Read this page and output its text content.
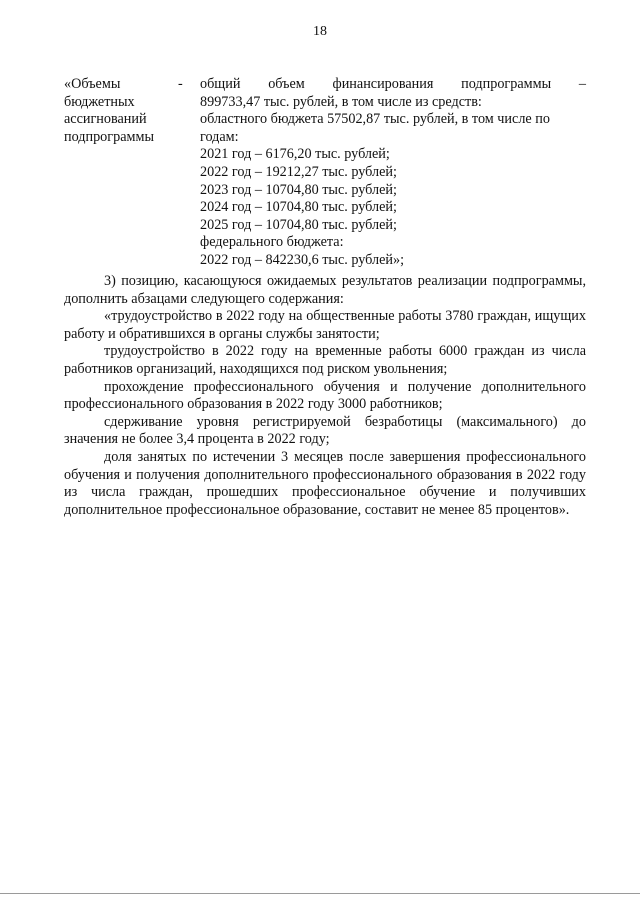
18
«Объемы
бюджетных
ассигнований
подпрограммы
- общий объем финансирования подпрограммы –
899733,47 тыс. рублей, в том числе из средств:
областного бюджета 57502,87 тыс. рублей, в том числе по
годам:
2021 год – 6176,20 тыс. рублей;
2022 год – 19212,27 тыс. рублей;
2023 год – 10704,80 тыс. рублей;
2024 год – 10704,80 тыс. рублей;
2025 год – 10704,80 тыс. рублей;
федерального бюджета:
2022 год – 842230,6 тыс. рублей»;

3) позицию, касающуюся ожидаемых результатов реализации подпрограммы, дополнить абзацами следующего содержания:

«трудоустройство в 2022 году на общественные работы 3780 граждан, ищущих работу и обратившихся в органы службы занятости;

трудоустройство в 2022 году на временные работы 6000 граждан из числа работников организаций, находящихся под риском увольнения;

прохождение профессионального обучения и получение дополнительного профессионального образования в 2022 году 3000 работников;

сдерживание уровня регистрируемой безработицы (максимального) до значения не более 3,4 процента в 2022 году;

доля занятых по истечении 3 месяцев после завершения профессионального обучения и получения дополнительного профессионального образования в 2022 году из числа граждан, прошедших профессиональное обучение и получивших дополнительное профессиональное образование, составит не менее 85 процентов».
